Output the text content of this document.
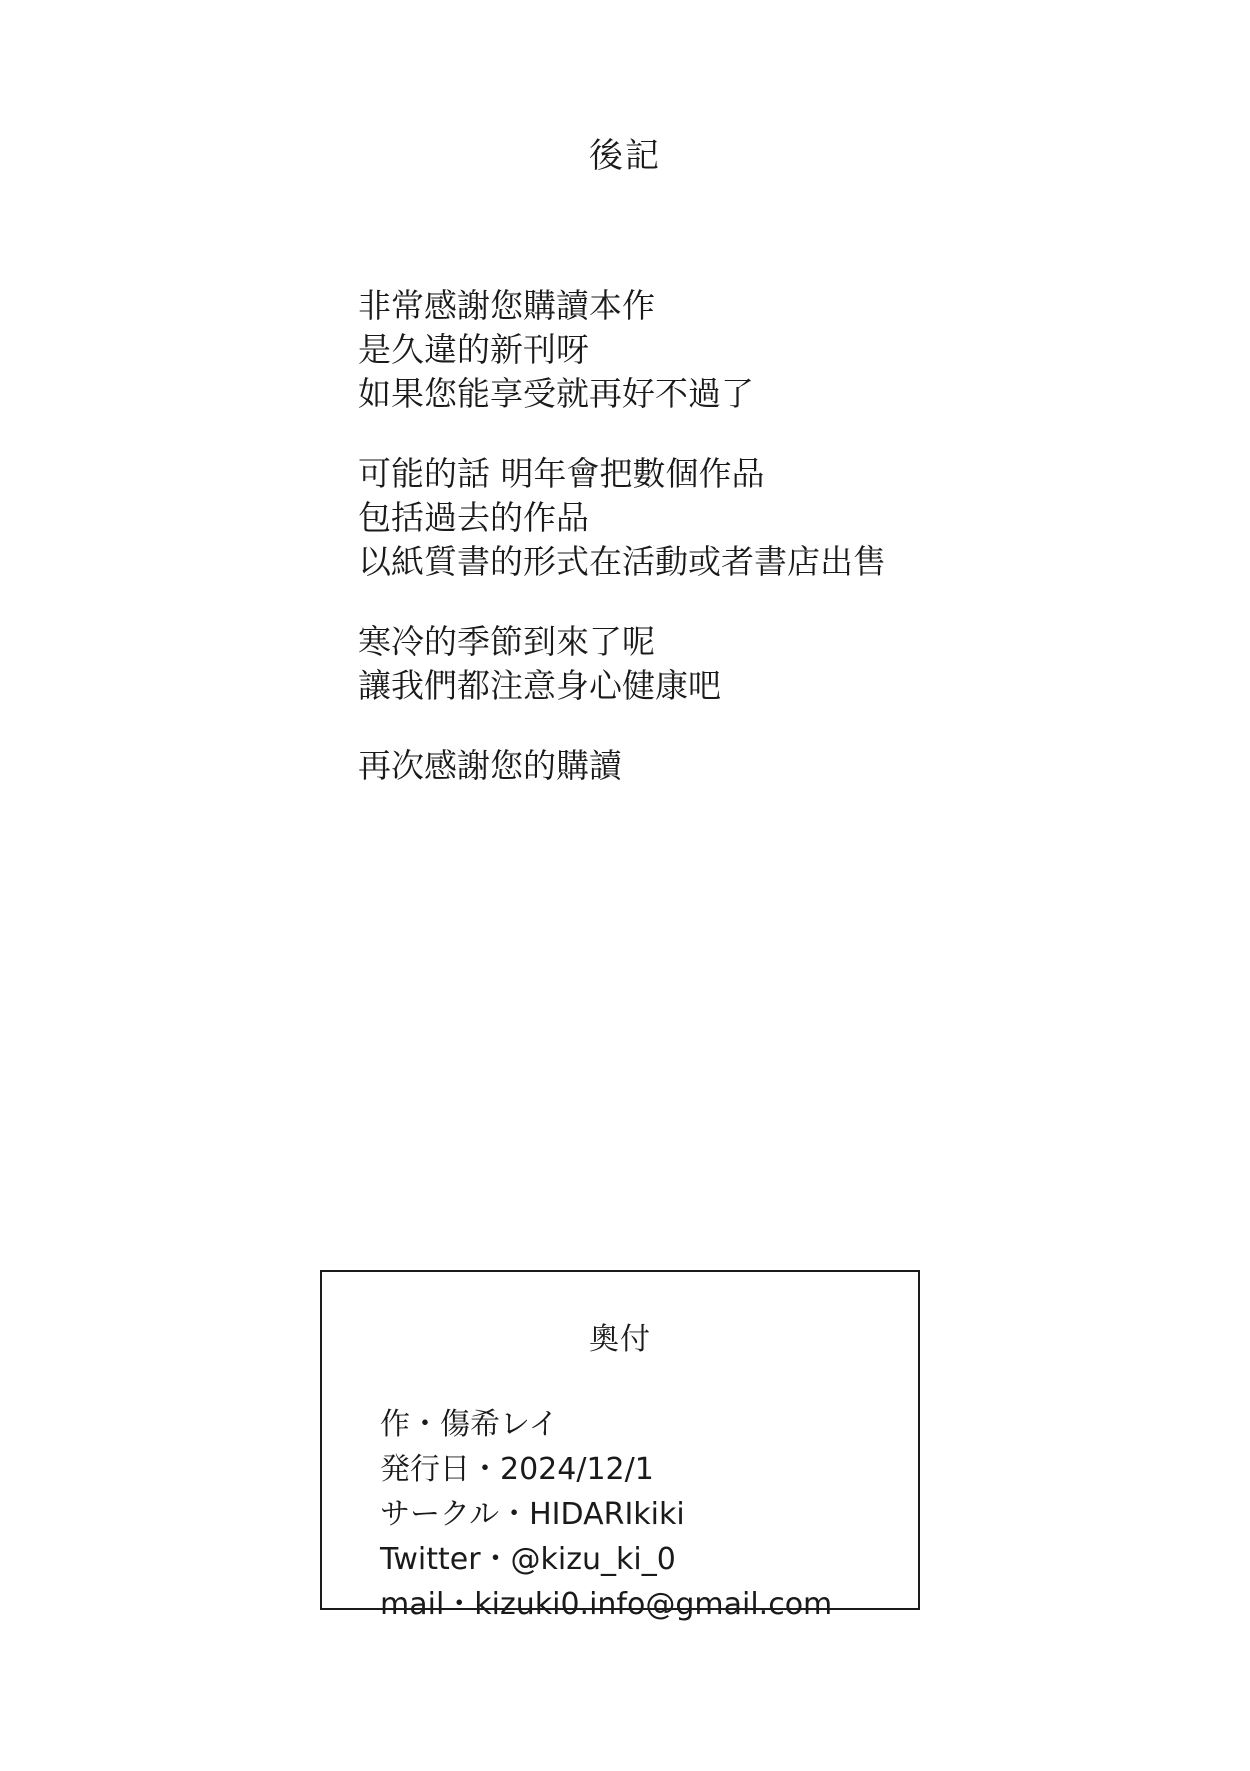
後記
非常感謝您購讀本作
是久違的新刊呀
如果您能享受就再好不過了
可能的話 明年會把數個作品
包括過去的作品
以紙質書的形式在活動或者書店出售
寒冷的季節到來了呢
讓我們都注意身心健康吧
再次感謝您的購讀
奧付
作・傷希レイ
発行日・2024/12/1
サークル・HIDARIkiki
Twitter・@kizu_ki_0
mail・kizuki0.info@gmail.com
